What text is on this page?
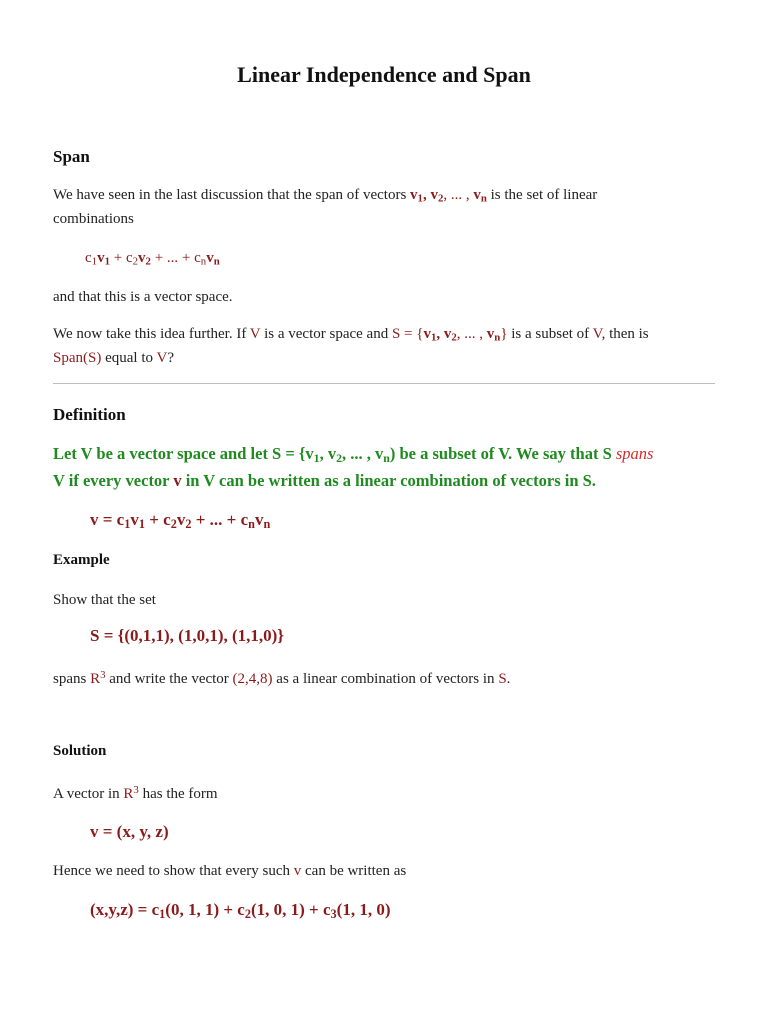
Linear Independence and Span
Span
We have seen in the last discussion that the span of vectors $v_1$, $v_2$, ... , $v_n$ is the set of linear
combinations
$c_1v_1 + c_2v_2$ + ... + $c_nv_n$
and that this is a vector space.
We now take this idea further. If V is a vector space and $S = \{v_1$, $v_2$, ... , $v_n$} is a subset of V, then is
Span(S) equal to V?
Definition
Let V be a vector space and let $S = \{v_1$, $v_2$, ... , $v_n$) be a subset of V. We say that S spans
V if every vector v in V can be written as a linear combination of vectors in S.
$v = c_1v_1 + c_2v_2$ + ... + $c_nv_n$
Example
Show that the set
S = {(0,1,1), (1,0,1), (1,1,0)}
spans $R^3$ and write the vector (2,4,8) as a linear combination of vectors in S.
Solution
A vector in $R^3$ has the form
v = (x, y, z)
Hence we need to show that every such v can be written as
$(x,y,z) = c_1(0$, 1, $1) + c_2(1$, 0, $1) + c_3(1$, 1, 0)
